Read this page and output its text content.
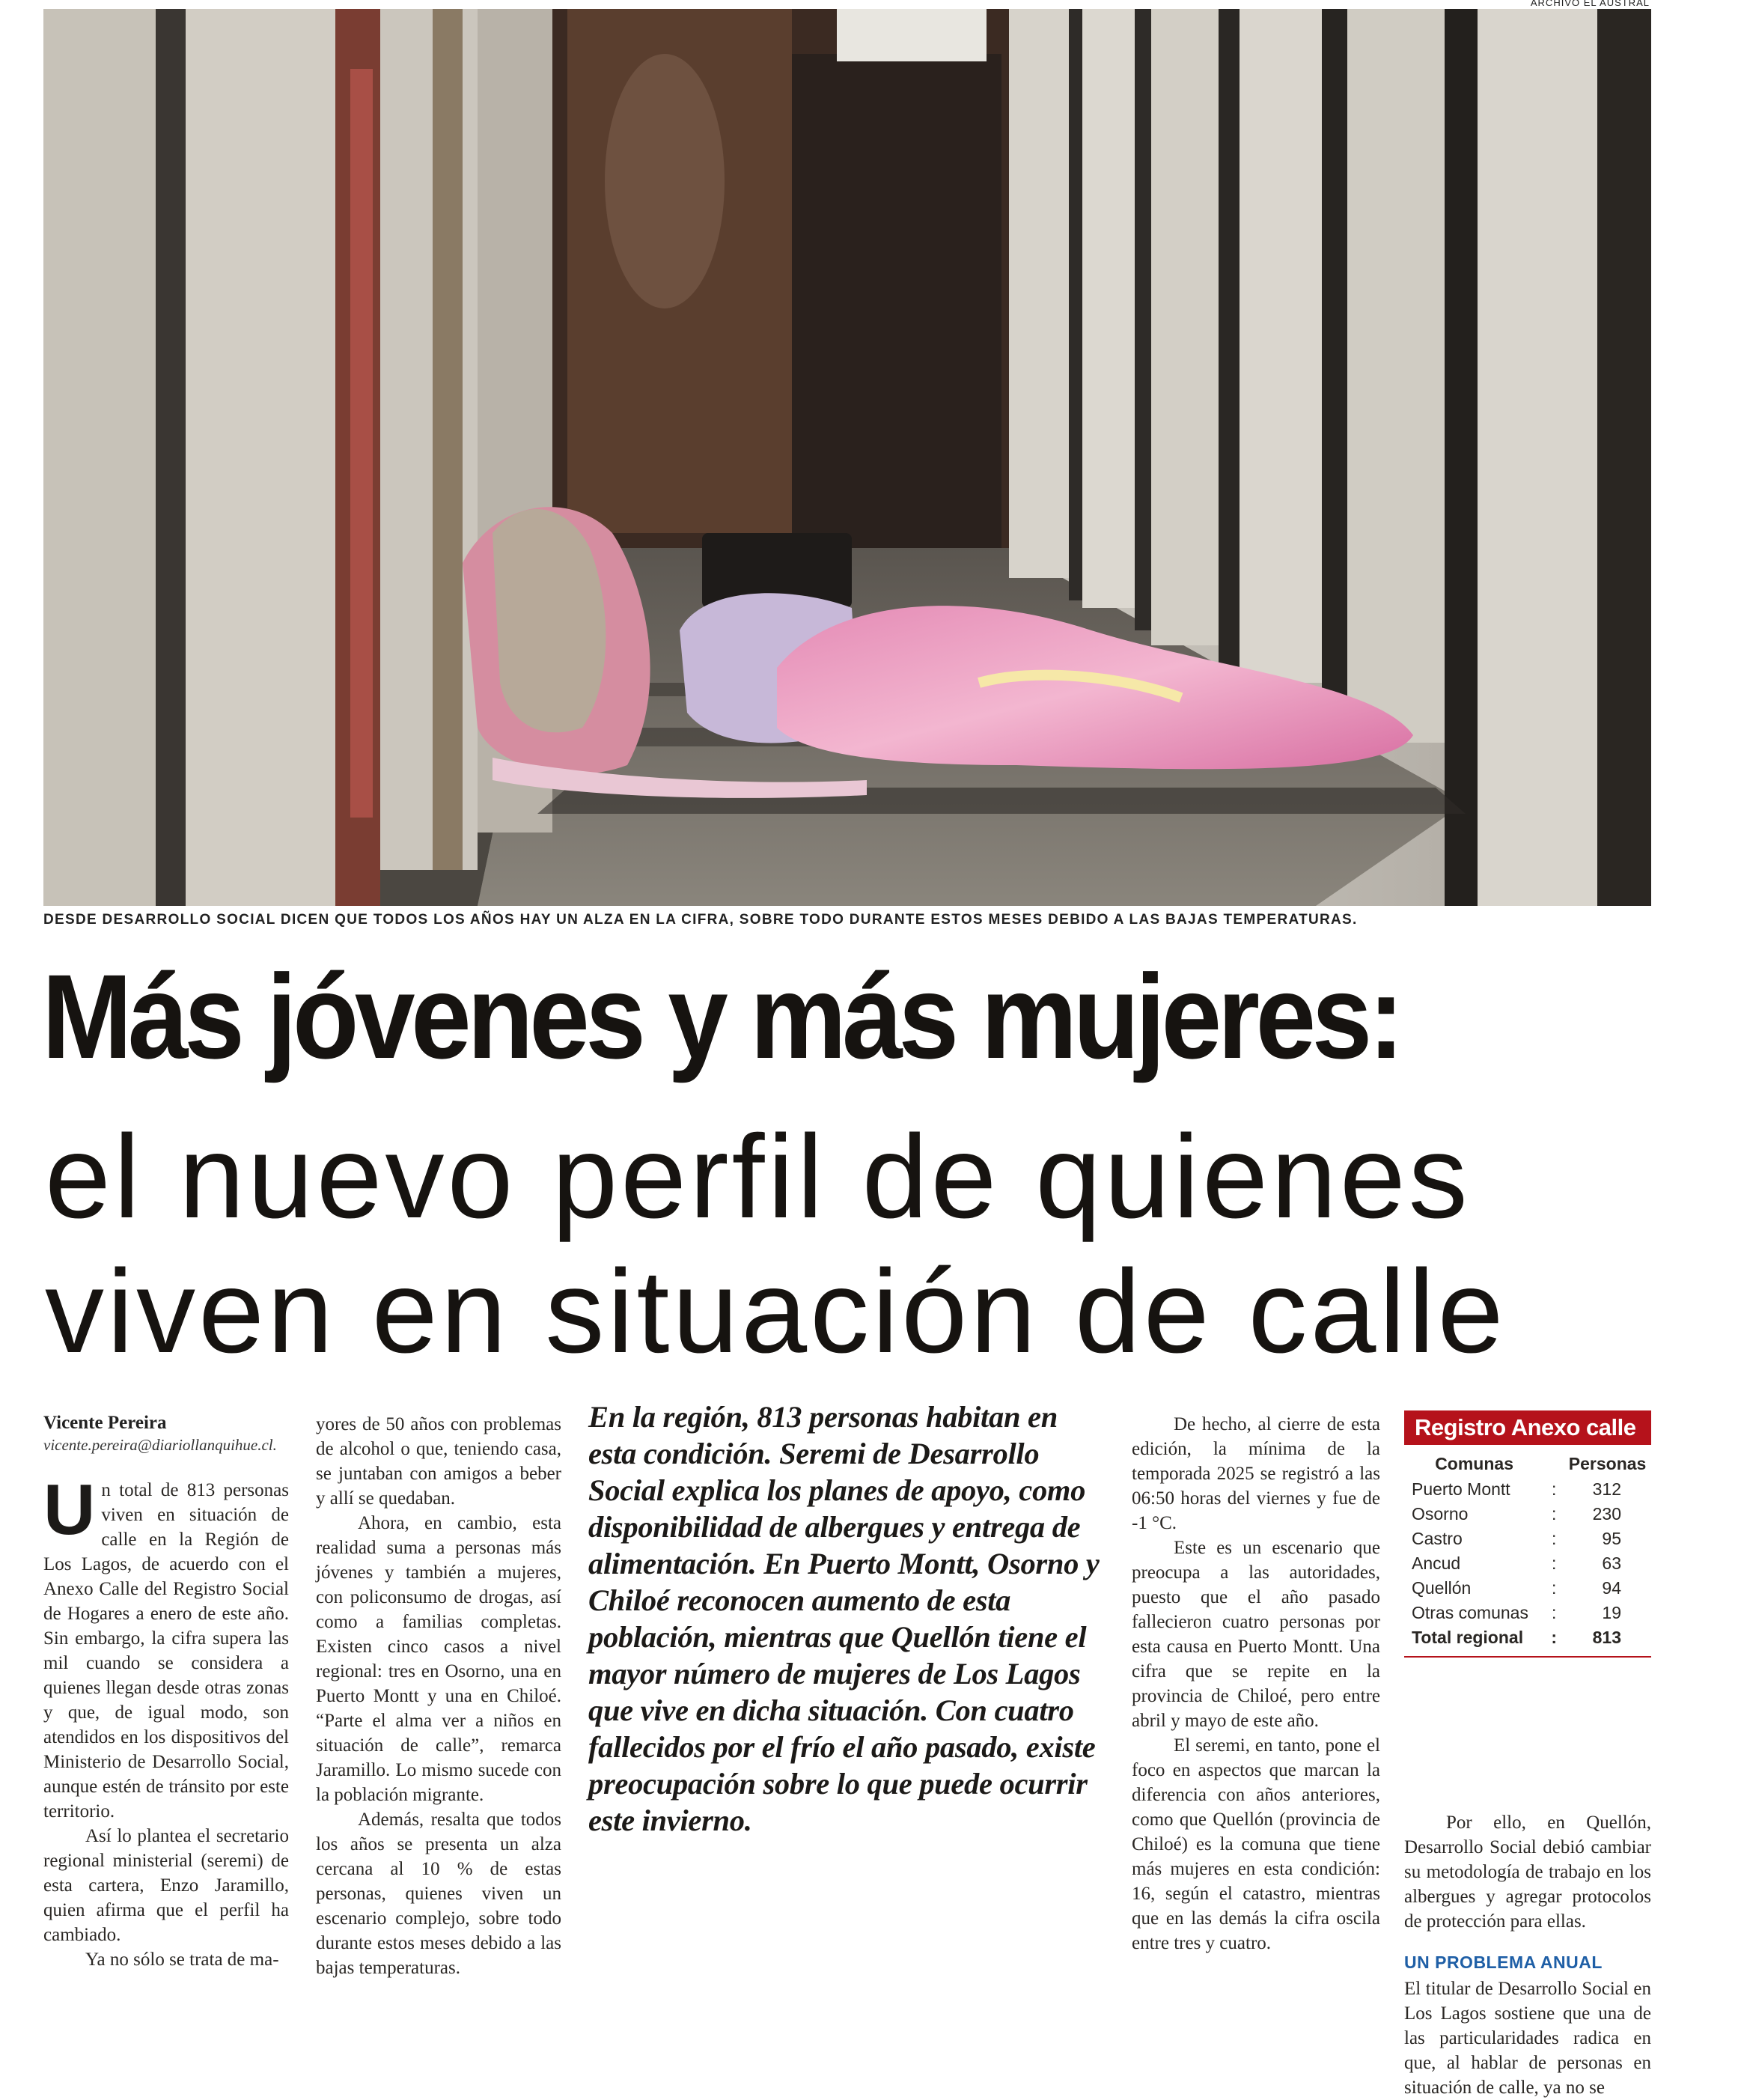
ARCHIVO EL AUSTRAL
DESDE DESARROLLO SOCIAL DICEN QUE TODOS LOS AÑOS HAY UN ALZA EN LA CIFRA, SOBRE TODO DURANTE ESTOS MESES DEBIDO A LAS BAJAS TEMPERATURAS.
Más jóvenes y más mujeres:
el nuevo perfil de quienes
viven en situación de calle
Vicente Pereira
vicente.pereira@diariollanquihue.cl.

Un total de 813 personas viven en situación de calle en la Región de Los Lagos, de acuerdo con el Anexo Calle del Registro Social de Hogares a enero de este año. Sin embargo, la cifra supera las mil cuando se considera a quienes llegan desde otras zonas y que, de igual modo, son atendidos en los dispositivos del Ministerio de Desarrollo Social, aunque estén de tránsito por este territorio.

Así lo plantea el secretario regional ministerial (seremi) de esta cartera, Enzo Jaramillo, quien afirma que el perfil ha cambiado.

Ya no sólo se trata de ma-

yores de 50 años con problemas de alcohol o que, teniendo casa, se juntaban con amigos a beber y allí se quedaban.

Ahora, en cambio, esta realidad suma a personas más jóvenes y también a mujeres, con policonsumo de drogas, así como a familias completas. Existen cinco casos a nivel regional: tres en Osorno, una en Puerto Montt y una en Chiloé. “Parte el alma ver a niños en situación de calle”, remarca Jaramillo. Lo mismo sucede con la población migrante.

Además, resalta que todos los años se presenta un alza cercana al 10 % de estas personas, quienes viven un escenario complejo, sobre todo durante estos meses debido a las bajas temperaturas.

En la región, 813 personas habitan en esta condición. Seremi de Desarrollo Social explica los planes de apoyo, como disponibilidad de albergues y entrega de alimentación. En Puerto Montt, Osorno y Chiloé reconocen aumento de esta población, mientras que Quellón tiene el mayor número de mujeres de Los Lagos que vive en dicha situación. Con cuatro fallecidos por el frío el año pasado, existe preocupación sobre lo que puede ocurrir este invierno.

De hecho, al cierre de esta edición, la mínima de la temporada 2025 se registró a las 06:50 horas del viernes y fue de -1 °C.

Este es un escenario que preocupa a las autoridades, puesto que el año pasado fallecieron cuatro personas por esta causa en Puerto Montt. Una cifra que se repite en la provincia de Chiloé, pero entre abril y mayo de este año.

El seremi, en tanto, pone el foco en aspectos que marcan la diferencia con años anteriores, como que Quellón (provincia de Chiloé) es la comuna que tiene más mujeres en esta condición: 16, según el catastro, mientras que en las demás la cifra oscila entre tres y cuatro.

Registro Anexo calle
Comunas		Personas
Puerto Montt	:	312
Osorno	:	230
Castro	:	95
Ancud	:	63
Quellón	:	94
Otras comunas	:	19
Total regional	:	813

Por ello, en Quellón, Desarrollo Social debió cambiar su metodología de trabajo en los albergues y agregar protocolos de protección para ellas.

UN PROBLEMA ANUAL

El titular de Desarrollo Social en Los Lagos sostiene que una de las particularidades radica en que, al hablar de personas en situación de calle, ya no se
